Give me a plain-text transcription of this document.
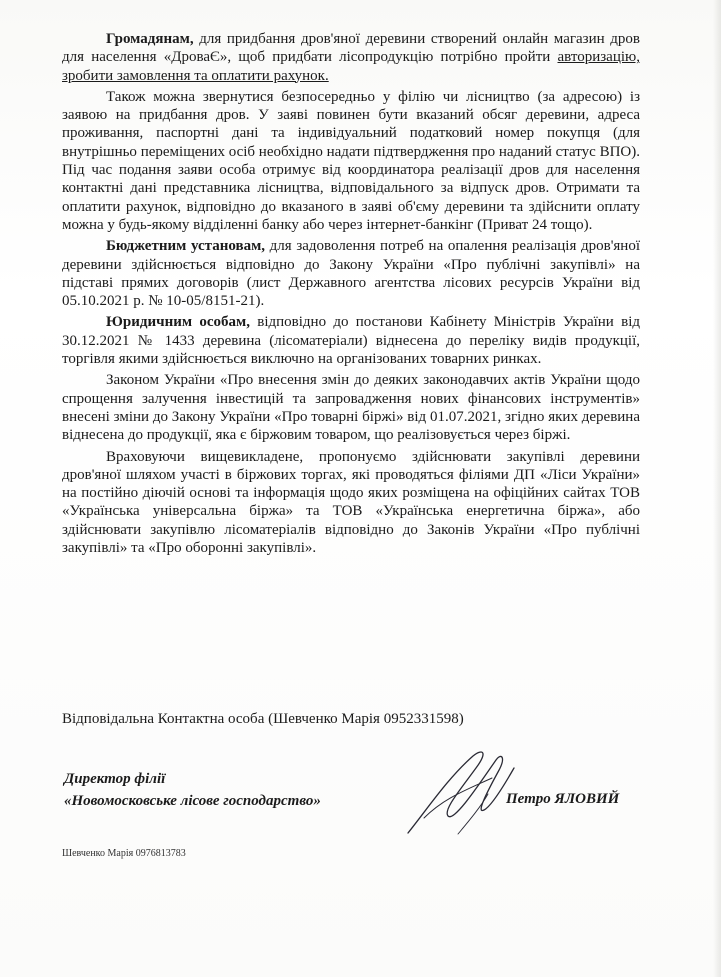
Громадянам, для придбання дров'яної деревини створений онлайн магазин дров для населення «ДроваЄ», щоб придбати лісопродукцію потрібно пройти авторизацію, зробити замовлення та оплатити рахунок.

Також можна звернутися безпосередньо у філію чи лісництво (за адресою) із заявою на придбання дров. У заяві повинен бути вказаний обсяг деревини, адреса проживання, паспортні дані та індивідуальний податковий номер покупця (для внутрішньо переміщених осіб необхідно надати підтвердження про наданий статус ВПО). Під час подання заяви особа отримує від координатора реалізації дров для населення контактні дані представника лісництва, відповідального за відпуск дров. Отримати та оплатити рахунок, відповідно до вказаного в заяві об'єму деревини та здійснити оплату можна у будь-якому відділенні банку або через інтернет-банкінг (Приват 24 тощо).

Бюджетним установам, для задоволення потреб на опалення реалізація дров'яної деревини здійснюється відповідно до Закону України «Про публічні закупівлі» на підставі прямих договорів (лист Державного агентства лісових ресурсів України від 05.10.2021 р. № 10-05/8151-21).

Юридичним особам, відповідно до постанови Кабінету Міністрів України від 30.12.2021 № 1433 деревина (лісоматеріали) віднесена до переліку видів продукції, торгівля якими здійснюється виключно на організованих товарних ринках.

Законом України «Про внесення змін до деяких законодавчих актів України щодо спрощення залучення інвестицій та запровадження нових фінансових інструментів» внесені зміни до Закону України «Про товарні біржі» від 01.07.2021, згідно яких деревина віднесена до продукції, яка є біржовим товаром, що реалізовується через біржі.

Враховуючи вищевикладене, пропонуємо здійснювати закупівлі деревини дров'яної шляхом участі в біржових торгах, які проводяться філіями ДП «Ліси України» на постійно діючій основі та інформація щодо яких розміщена на офіційних сайтах ТОВ «Українська універсальна біржа» та ТОВ «Українська енергетична біржа», або здійснювати закупівлю лісоматеріалів відповідно до Законів України «Про публічні закупівлі» та «Про оборонні закупівлі».

Відповідальна Контактна особа (Шевченко Марія 0952331598)
Директор філії
«Новомосковське лісове господарство»	Петро ЯЛОВИЙ
Шевченко Марія 0976813783
